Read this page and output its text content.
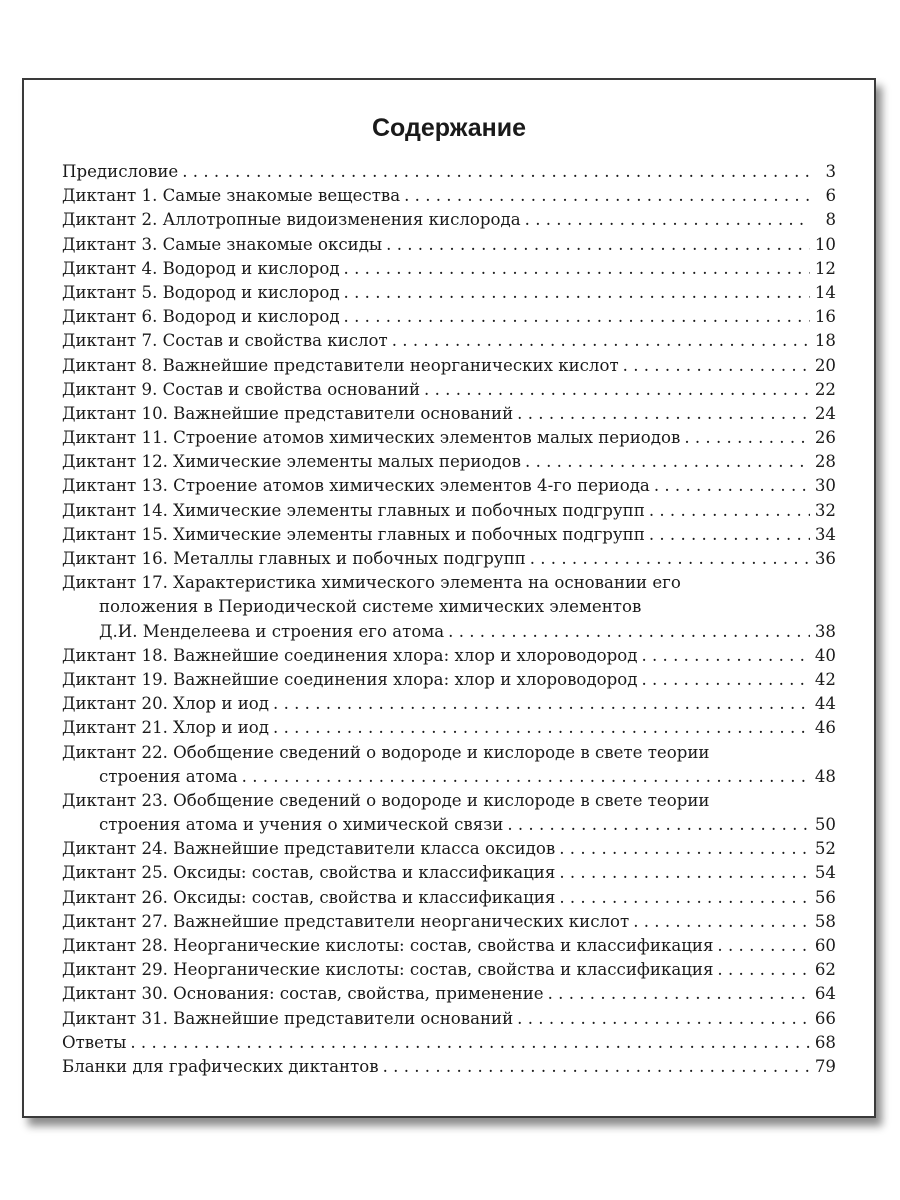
Содержание
Предисловие . . .	3
Диктант 1. Самые знакомые вещества . . .	6
Диктант 2. Аллотропные видоизменения кислорода . . .	8
Диктант 3. Самые знакомые оксиды . . .	10
Диктант 4. Водород и кислород . . .	12
Диктант 5. Водород и кислород . . .	14
Диктант 6. Водород и кислород . . .	16
Диктант 7. Состав и свойства кислот . . .	18
Диктант 8. Важнейшие представители неорганических кислот . . .	20
Диктант 9. Состав и свойства оснований . . .	22
Диктант 10. Важнейшие представители оснований . . .	24
Диктант 11. Строение атомов химических элементов малых периодов . . .	26
Диктант 12. Химические элементы малых периодов . . .	28
Диктант 13. Строение атомов химических элементов 4-го периода . . .	30
Диктант 14. Химические элементы главных и побочных подгрупп . . .	32
Диктант 15. Химические элементы главных и побочных подгрупп . . .	34
Диктант 16. Металлы главных и побочных подгрупп . . .	36
Диктант 17. Характеристика химического элемента на основании его
положения в Периодической системе химических элементов
Д.И. Менделеева и строения его атома . . .	38
Диктант 18. Важнейшие соединения хлора: хлор и хлороводород . . .	40
Диктант 19. Важнейшие соединения хлора: хлор и хлороводород . . .	42
Диктант 20. Хлор и иод . . .	44
Диктант 21. Хлор и иод . . .	46
Диктант 22. Обобщение сведений о водороде и кислороде в свете теории
строения атома . . .	48
Диктант 23. Обобщение сведений о водороде и кислороде в свете теории
строения атома и учения о химической связи . . .	50
Диктант 24. Важнейшие представители класса оксидов . . .	52
Диктант 25. Оксиды: состав, свойства и классификация . . .	54
Диктант 26. Оксиды: состав, свойства и классификация . . .	56
Диктант 27. Важнейшие представители неорганических кислот . . .	58
Диктант 28. Неорганические кислоты: состав, свойства и классификация . . .	60
Диктант 29. Неорганические кислоты: состав, свойства и классификация . . .	62
Диктант 30. Основания: состав, свойства, применение . . .	64
Диктант 31. Важнейшие представители оснований . . .	66
Ответы . . .	68
Бланки для графических диктантов . . .	79
